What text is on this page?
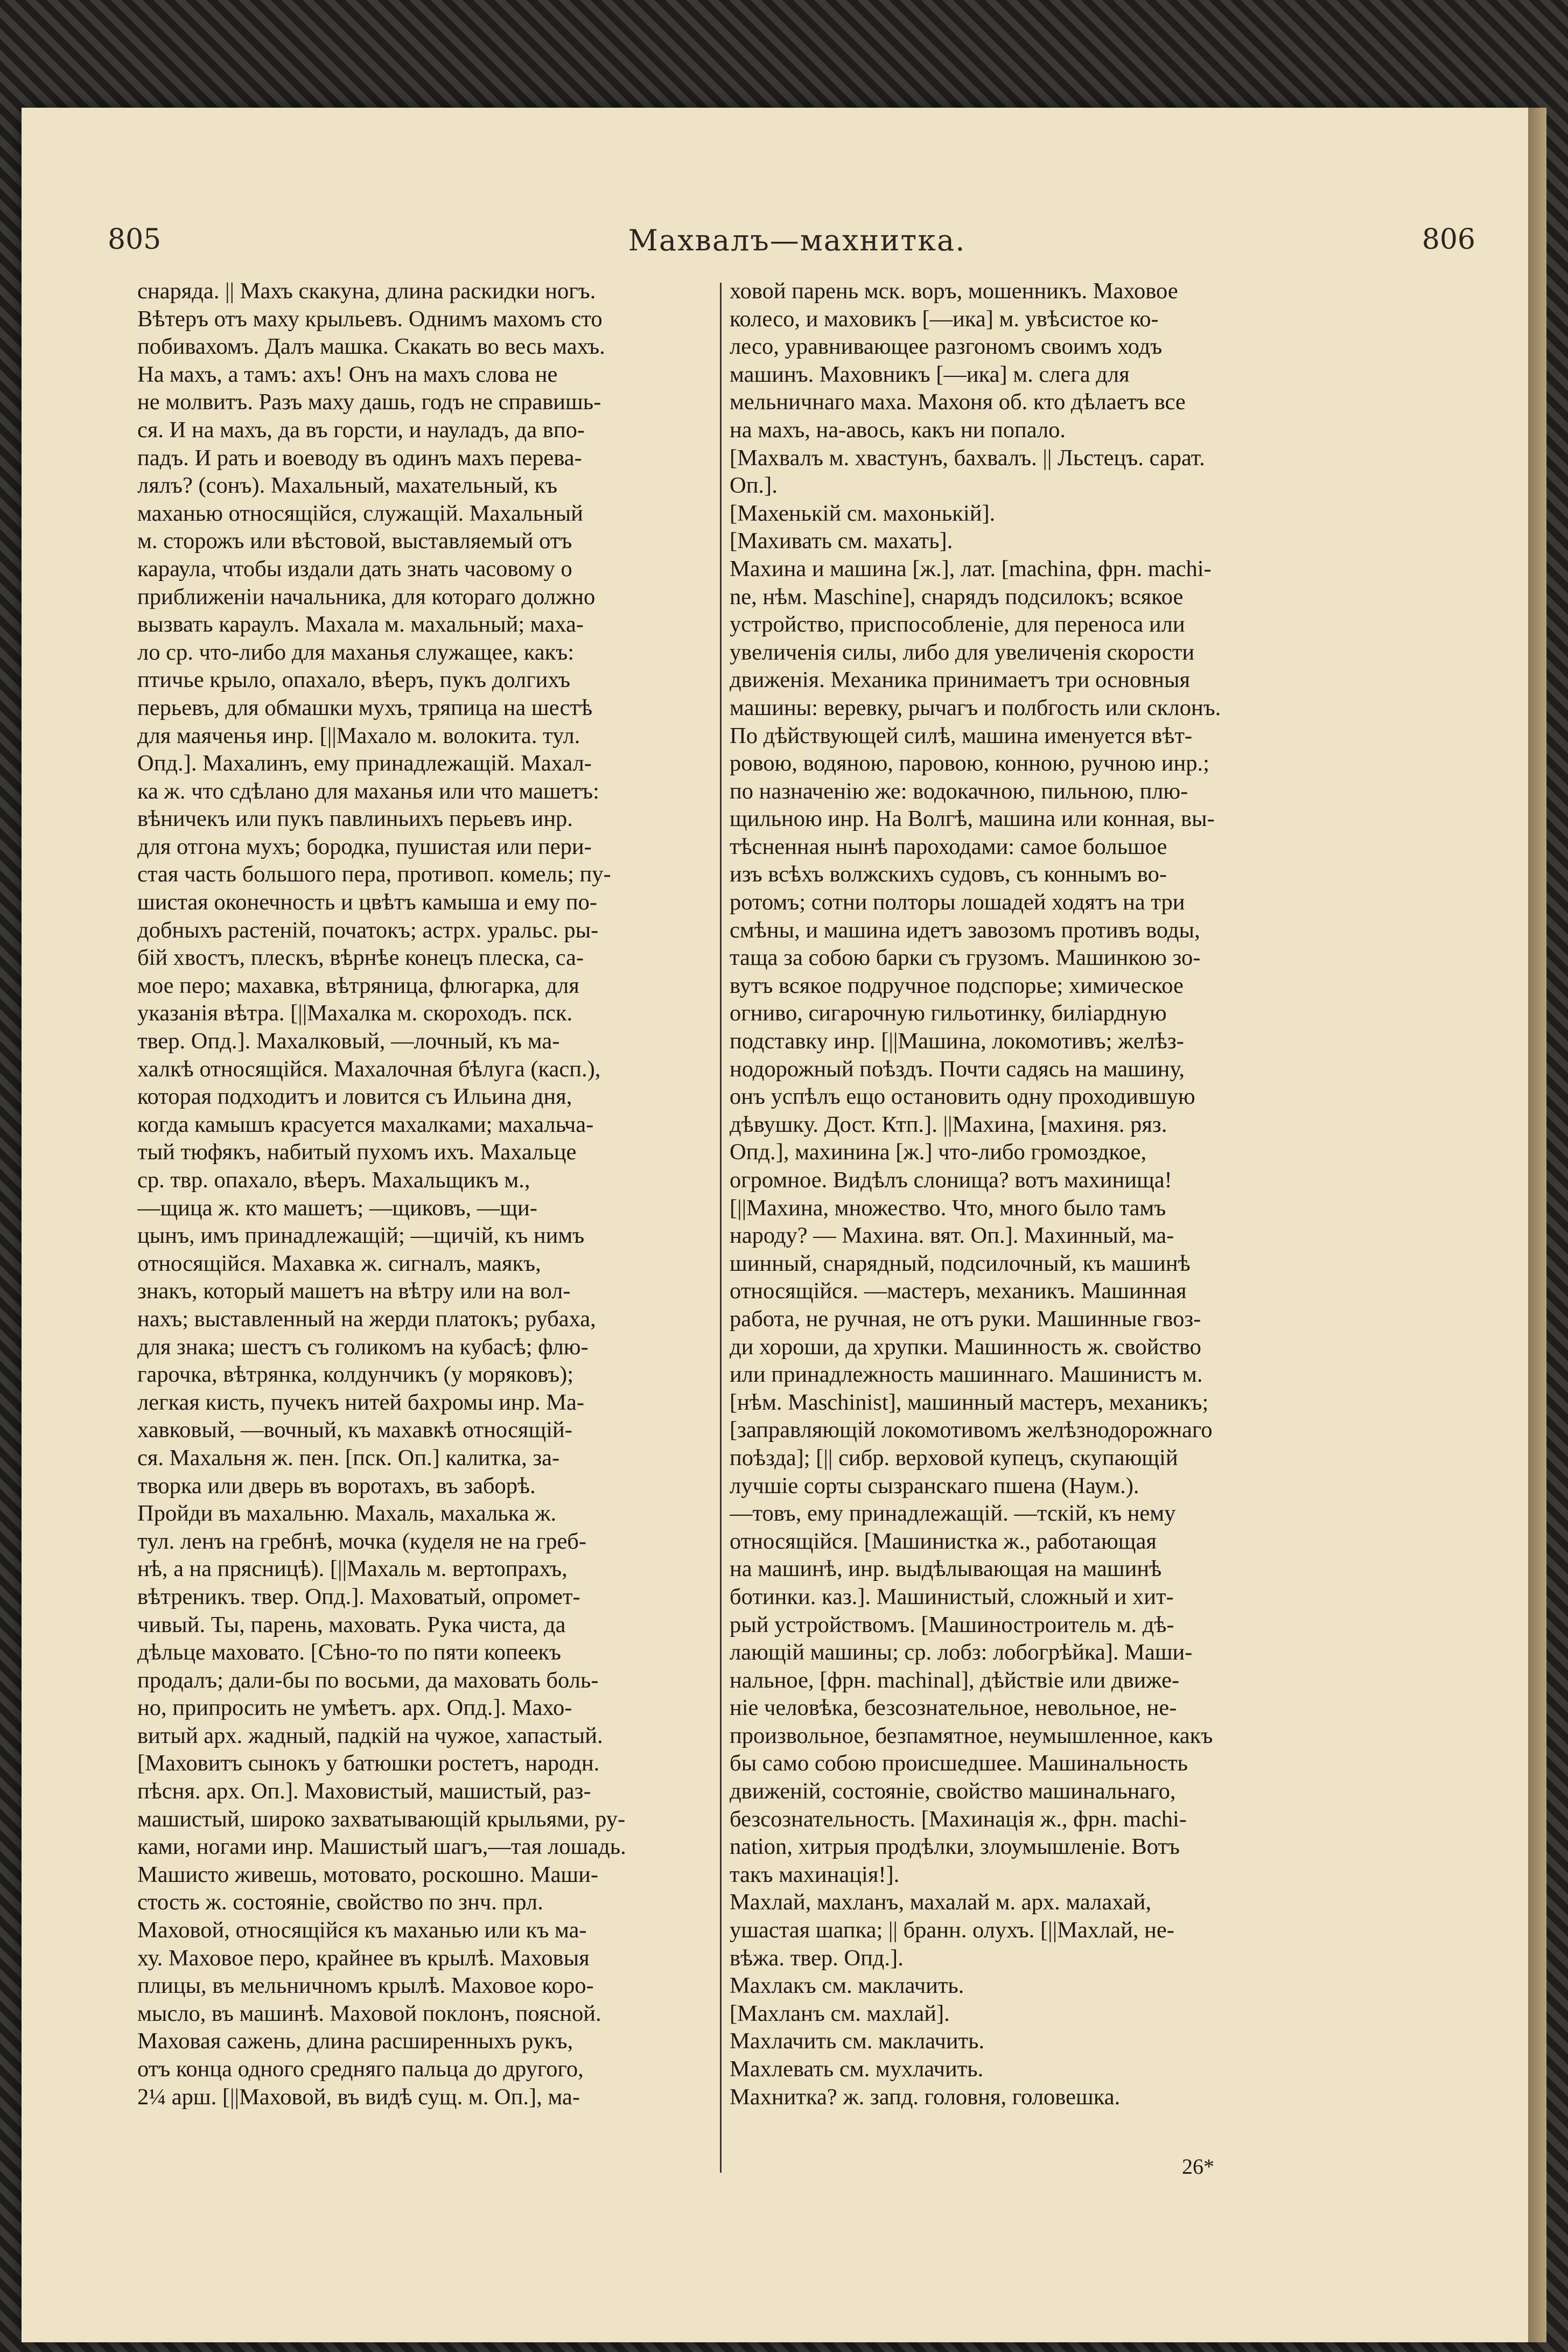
805	Махвалъ—махнитка.	806
снаряда. || Махъ скакуна, длина раскидки ногъ.
Вѣтеръ отъ маху крыльевъ. Однимъ махомъ сто
побивахомъ. Далъ машка. Скакать во весь махъ.
На махъ, а тамъ: ахъ! Онъ на махъ слова не
не молвитъ. Разъ маху дашь, годъ не справишь-
ся. И на махъ, да въ горсти, и науладъ, да впо-
падъ. И рать и воеводу въ одинъ махъ перева-
лялъ? (сонъ). Махальный, махательный, къ
маханью относящійся, служащій. Махальный
м. сторожъ или вѣстовой, выставляемый отъ
караула, чтобы издали дать знать часовому о
приближеніи начальника, для котораго должно
вызвать караулъ. Махала м. махальный; маха-
ло ср. что-либо для маханья служащее, какъ:
птичье крыло, опахало, вѣеръ, пукъ долгихъ
перьевъ, для обмашки мухъ, тряпица на шестѣ
для маяченья инр. [||Махало м. волокита. тул.
Опд.]. Махалинъ, ему принадлежащій. Махал-
ка ж. что сдѣлано для маханья или что машетъ:
вѣничекъ или пукъ павлиньихъ перьевъ инр.
для отгона мухъ; бородка, пушистая или пери-
стая часть большого пера, противоп. комель; пу-
шистая оконечность и цвѣтъ камыша и ему по-
добныхъ растеній, початокъ; астрх. уральс. ры-
бій хвостъ, плескъ, вѣрнѣе конецъ плеска, са-
мое перо; махавка, вѣтряница, флюгарка, для
указанія вѣтра. [||Махалка м. скороходъ. пск.
твер. Опд.]. Махалковый, —лочный, къ ма-
халкѣ относящійся. Махалочная бѣлуга (касп.),
которая подходитъ и ловится съ Ильина дня,
когда камышъ красуется махалками; махальча-
тый тюфякъ, набитый пухомъ ихъ. Махальце
ср. твр. опахало, вѣеръ. Махальщикъ м.,
—щица ж. кто машетъ; —щиковъ, —щи-
цынъ, имъ принадлежащій; —щичій, къ нимъ
относящійся. Махавка ж. сигналъ, маякъ,
знакъ, который машетъ на вѣтру или на вол-
нахъ; выставленный на жерди платокъ; рубаха,
для знака; шестъ съ голикомъ на кубасѣ; флю-
гарочка, вѣтрянка, колдунчикъ (у моряковъ);
легкая кисть, пучекъ нитей бахромы инр. Ма-
хавковый, —вочный, къ махавкѣ относящій-
ся. Махальня ж. пен. [пск. Оп.] калитка, за-
творка или дверь въ воротахъ, въ заборѣ.
Пройди въ махальню. Махаль, махалька ж.
тул. ленъ на гребнѣ, мочка (куделя не на греб-
нѣ, а на прясницѣ). [||Махаль м. вертопрахъ,
вѣтреникъ. твер. Опд.]. Маховатый, опромет-
чивый. Ты, парень, маховать. Рука чиста, да
дѣльце маховато. [Сѣно-то по пяти копеекъ
продалъ; дали-бы по восьми, да маховать боль-
но, припросить не умѣетъ. арх. Опд.]. Махо-
витый арх. жадный, падкій на чужое, хапастый.
[Маховитъ сынокъ у батюшки ростетъ, народн.
пѣсня. арх. Оп.]. Маховистый, машистый, раз-
машистый, широко захватывающій крыльями, ру-
ками, ногами инр. Машистый шагъ,—тая лошадь.
Машисто живешь, мотовато, роскошно. Маши-
стость ж. состояніе, свойство по знч. прл.
Маховой, относящійся къ маханью или къ ма-
ху. Маховое перо, крайнее въ крылѣ. Маховыя
плицы, въ мельничномъ крылѣ. Маховое коро-
мысло, въ машинѣ. Маховой поклонъ, поясной.
Маховая сажень, длина расширенныхъ рукъ,
отъ конца одного средняго пальца до другого,
2¼ арш. [||Маховой, въ видѣ сущ. м. Оп.], ма-
ховой парень мск. воръ, мошенникъ. Маховое
колесо, и маховикъ [—ика] м. увѣсистое ко-
лесо, уравнивающее разгономъ своимъ ходъ
машинъ. Маховникъ [—ика] м. слега для
мельничнаго маха. Махоня об. кто дѣлаетъ все
на махъ, на-авось, какъ ни попало.
[Махвалъ м. хвастунъ, бахвалъ. || Льстецъ. сарат.
Оп.].
[Махенькій см. махонькій].
[Махивать см. махать].
Махина и машина [ж.], лат. [machina, фрн. machi-
ne, нѣм. Maschine], снарядъ подсилокъ; всякое
устройство, приспособленіе, для переноса или
увеличенія силы, либо для увеличенія скорости
движенія. Механика принимаетъ три основныя
машины: веревку, рычагъ и полбгость или склонъ.
По дѣйствующей силѣ, машина именуется вѣт-
ровою, водяною, паровою, конною, ручною инр.;
по назначенію же: водокачною, пильною, плю-
щильною инр. На Волгѣ, машина или конная, вы-
тѣсненная нынѣ пароходами: самое большое
изъ всѣхъ волжскихъ судовъ, съ коннымъ во-
ротомъ; сотни полторы лошадей ходятъ на три
смѣны, и машина идетъ завозомъ противъ воды,
таща за собою барки съ грузомъ. Машинкою зо-
вутъ всякое подручное подспорье; химическое
огниво, сигарочную гильотинку, биліардную
подставку инр. [||Машина, локомотивъ; желѣз-
нодорожный поѣздъ. Почти садясь на машину,
онъ успѣлъ ещо остановить одну проходившую
дѣвушку. Дост. Ктп.]. ||Махина, [махиня. ряз.
Опд.], махинина [ж.] что-либо громоздкое,
огромное. Видѣлъ слонища? вотъ махинища!
[||Махина, множество. Что, много было тамъ
народу? — Махина. вят. Оп.]. Махинный, ма-
шинный, снарядный, подсилочный, къ машинѣ
относящійся. —мастеръ, механикъ. Машинная
работа, не ручная, не отъ руки. Машинные гвоз-
ди хороши, да хрупки. Машинность ж. свойство
или принадлежность машиннаго. Машинистъ м.
[нѣм. Maschinist], машинный мастеръ, механикъ;
[заправляющій локомотивомъ желѣзнодорожнаго
поѣзда]; [|| сибр. верховой купецъ, скупающій
лучшіе сорты сызранскаго пшена (Наум.).
—товъ, ему принадлежащій. —тскій, къ нему
относящійся. [Машинистка ж., работающая
на машинѣ, инр. выдѣлывающая на машинѣ
ботинки. каз.]. Машинистый, сложный и хит-
рый устройствомъ. [Машиностроитель м. дѣ-
лающій машины; ср. лобз: лобогрѣйка]. Маши-
нальное, [фрн. machinal], дѣйствіе или движе-
ніе человѣка, безсознательное, невольное, не-
произвольное, безпамятное, неумышленное, какъ
бы само собою происшедшее. Машинальность
движеній, состояніе, свойство машинальнаго,
безсознательность. [Махинація ж., фрн. machi-
nation, хитрыя продѣлки, злоумышленіе. Вотъ
такъ махинація!].
Махлай, махланъ, махалай м. арх. малахай,
ушастая шапка; || бранн. олухъ. [||Махлай, не-
вѣжа. твер. Опд.].
Махлакъ см. маклачить.
[Махланъ см. махлай].
Махлачить см. маклачить.
Махлевать см. мухлачить.
Махнитка? ж. запд. головня, головешка.
26*
